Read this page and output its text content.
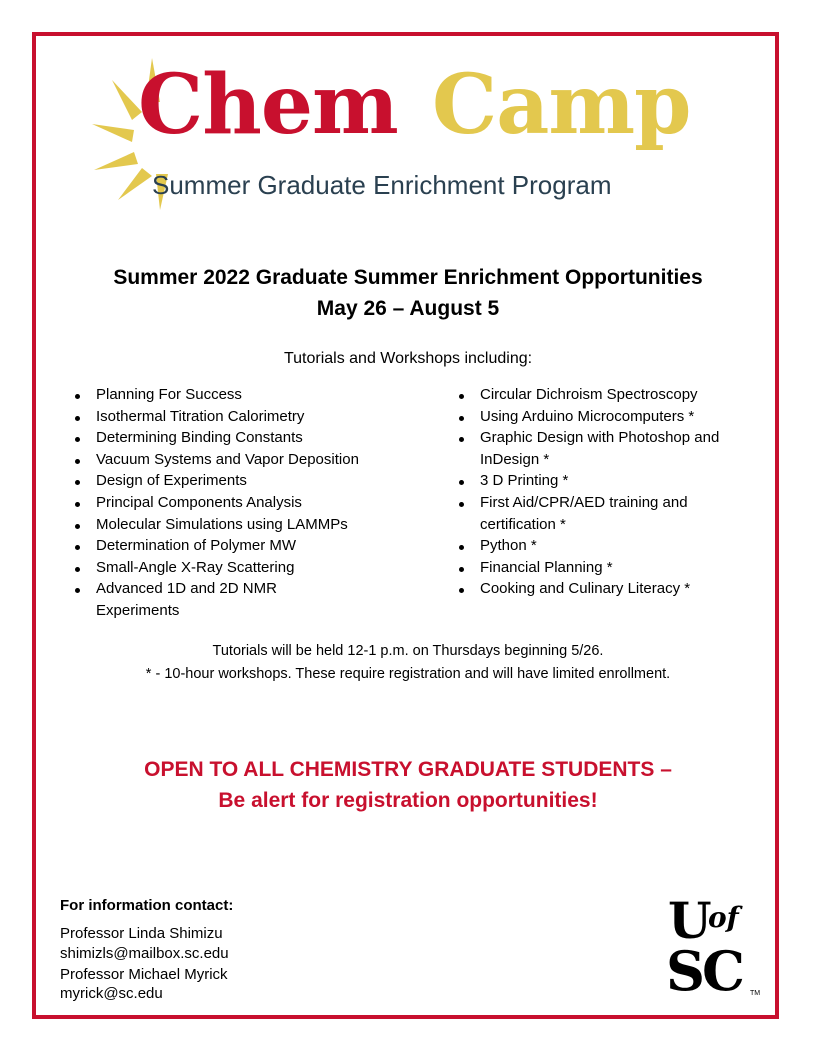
Chem Camp
Summer Graduate Enrichment Program
Summer 2022 Graduate Summer Enrichment Opportunities
May 26 – August 5
Tutorials and Workshops including:
Planning For Success
Isothermal Titration Calorimetry
Determining Binding Constants
Vacuum Systems and Vapor Deposition
Design of Experiments
Principal Components Analysis
Molecular Simulations using LAMMPs
Determination of Polymer MW
Small-Angle X-Ray Scattering
Advanced 1D and 2D NMR Experiments
Circular Dichroism Spectroscopy
Using Arduino Microcomputers *
Graphic Design with Photoshop and InDesign *
3 D Printing *
First Aid/CPR/AED training and certification *
Python *
Financial Planning *
Cooking and Culinary Literacy *
Tutorials will be held 12-1 p.m. on Thursdays beginning 5/26.
* - 10-hour workshops. These require registration and will have limited enrollment.
OPEN TO ALL CHEMISTRY GRADUATE STUDENTS –
Be alert for registration opportunities!
For information contact:
Professor Linda Shimizu
shimizls@mailbox.sc.edu
Professor Michael Myrick
myrick@sc.edu
U
of
SC TM
